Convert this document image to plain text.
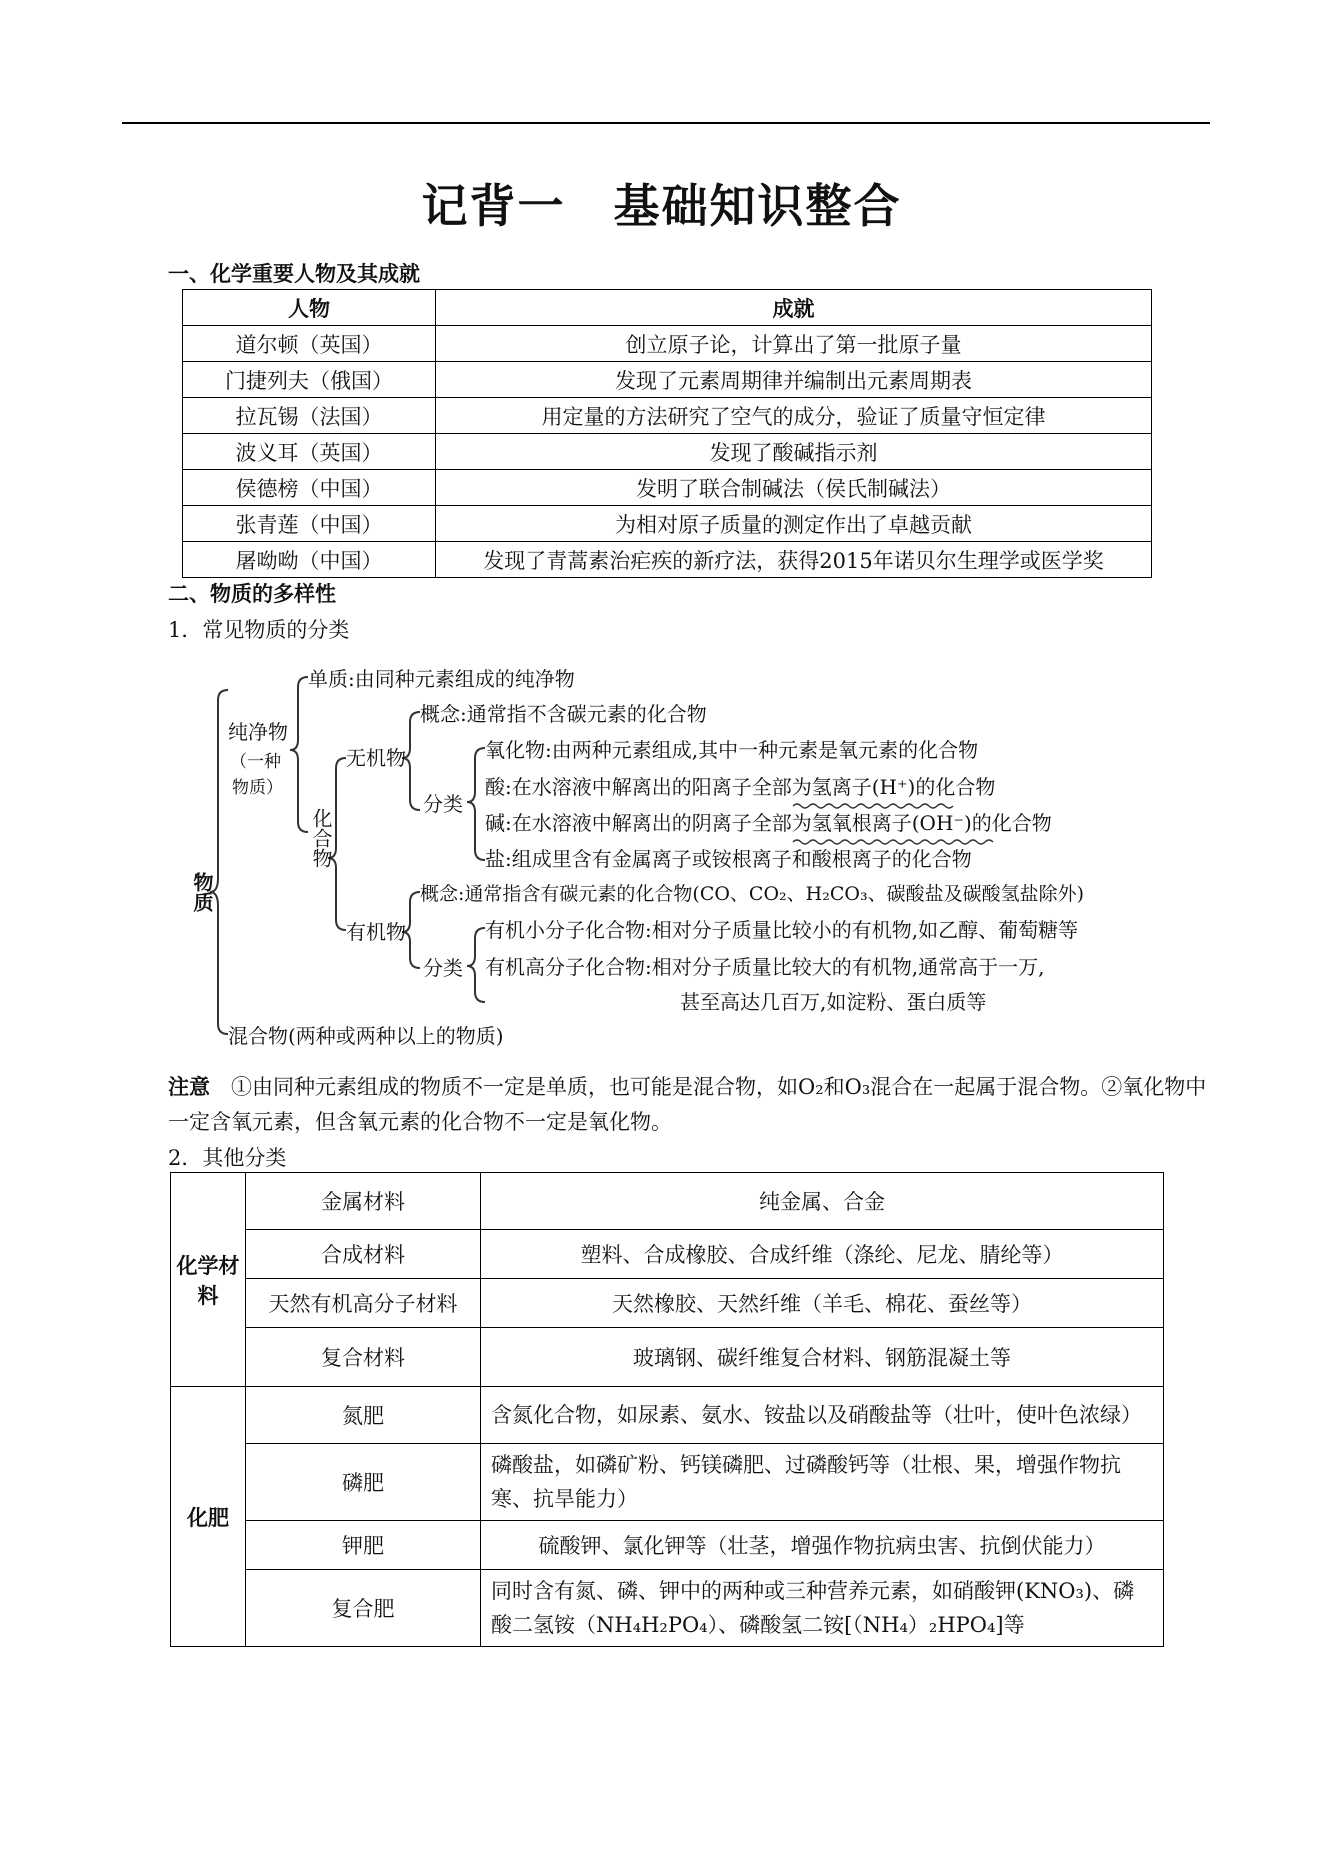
记背一　基础知识整合
一、化学重要人物及其成就
人物	成就
道尔顿（英国）	创立原子论，计算出了第一批原子量
门捷列夫（俄国）	发现了元素周期律并编制出元素周期表
拉瓦锡（法国）	用定量的方法研究了空气的成分，验证了质量守恒定律
波义耳（英国）	发现了酸碱指示剂
侯德榜（中国）	发明了联合制碱法（侯氏制碱法）
张青莲（中国）	为相对原子质量的测定作出了卓越贡献
屠呦呦（中国）	发现了青蒿素治疟疾的新疗法，获得2015年诺贝尔生理学或医学奖
二、物质的多样性
1．常见物质的分类
物质
纯净物
（一种
物质）
单质:由同种元素组成的纯净物
化合物
无机物
概念:通常指不含碳元素的化合物
分类
氧化物:由两种元素组成,其中一种元素是氧元素的化合物
酸:在水溶液中解离出的阳离子全部为氢离子(H⁺)的化合物
碱:在水溶液中解离出的阴离子全部为氢氧根离子(OH⁻)的化合物
盐:组成里含有金属离子或铵根离子和酸根离子的化合物
有机物
概念:通常指含有碳元素的化合物(CO、CO₂、H₂CO₃、碳酸盐及碳酸氢盐除外)
分类
有机小分子化合物:相对分子质量比较小的有机物,如乙醇、葡萄糖等
有机高分子化合物:相对分子质量比较大的有机物,通常高于一万,
甚至高达几百万,如淀粉、蛋白质等
混合物(两种或两种以上的物质)
注意　 ①由同种元素组成的物质不一定是单质，也可能是混合物，如O₂和O₃混合在一起属于混合物。②氧化物中一定含氧元素，但含氧元素的化合物不一定是氧化物。
2．其他分类
化学材料	金属材料	纯金属、合金
	合成材料	塑料、合成橡胶、合成纤维（涤纶、尼龙、腈纶等）
	天然有机高分子材料	天然橡胶、天然纤维（羊毛、棉花、蚕丝等）
	复合材料	玻璃钢、碳纤维复合材料、钢筋混凝土等
化肥	氮肥	含氮化合物，如尿素、氨水、铵盐以及硝酸盐等（壮叶，使叶色浓绿）
	磷肥	磷酸盐，如磷矿粉、钙镁磷肥、过磷酸钙等（壮根、果，增强作物抗寒、抗旱能力）
	钾肥	硫酸钾、氯化钾等（壮茎，增强作物抗病虫害、抗倒伏能力）
	复合肥	同时含有氮、磷、钾中的两种或三种营养元素，如硝酸钾(KNO₃)、磷酸二氢铵（NH₄H₂PO₄）、磷酸氢二铵[（NH₄）₂HPO₄]等
